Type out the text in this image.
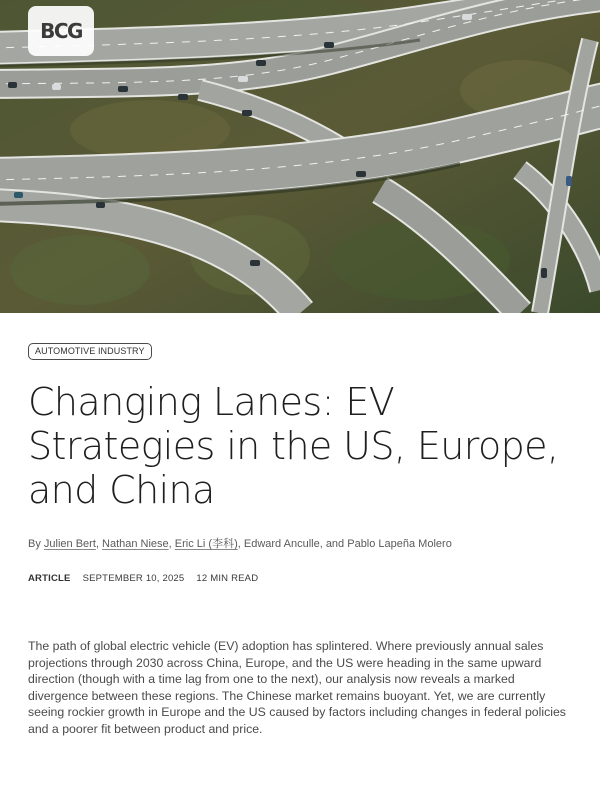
BCG
AUTOMOTIVE INDUSTRY
Changing Lanes: EV Strategies in the US, Europe, and China
By Julien Bert, Nathan Niese, Eric Li (李科), Edward Anculle, and Pablo Lapeña Molero
ARTICLE SEPTEMBER 10, 2025 12 MIN READ

The path of global electric vehicle (EV) adoption has splintered. Where previously annual sales projections through 2030 across China, Europe, and the US were heading in the same upward direction (though with a time lag from one to the next), our analysis now reveals a marked divergence between these regions. The Chinese market remains buoyant. Yet, we are currently seeing rockier growth in Europe and the US caused by factors including changes in federal policies and a poorer fit between product and price.
